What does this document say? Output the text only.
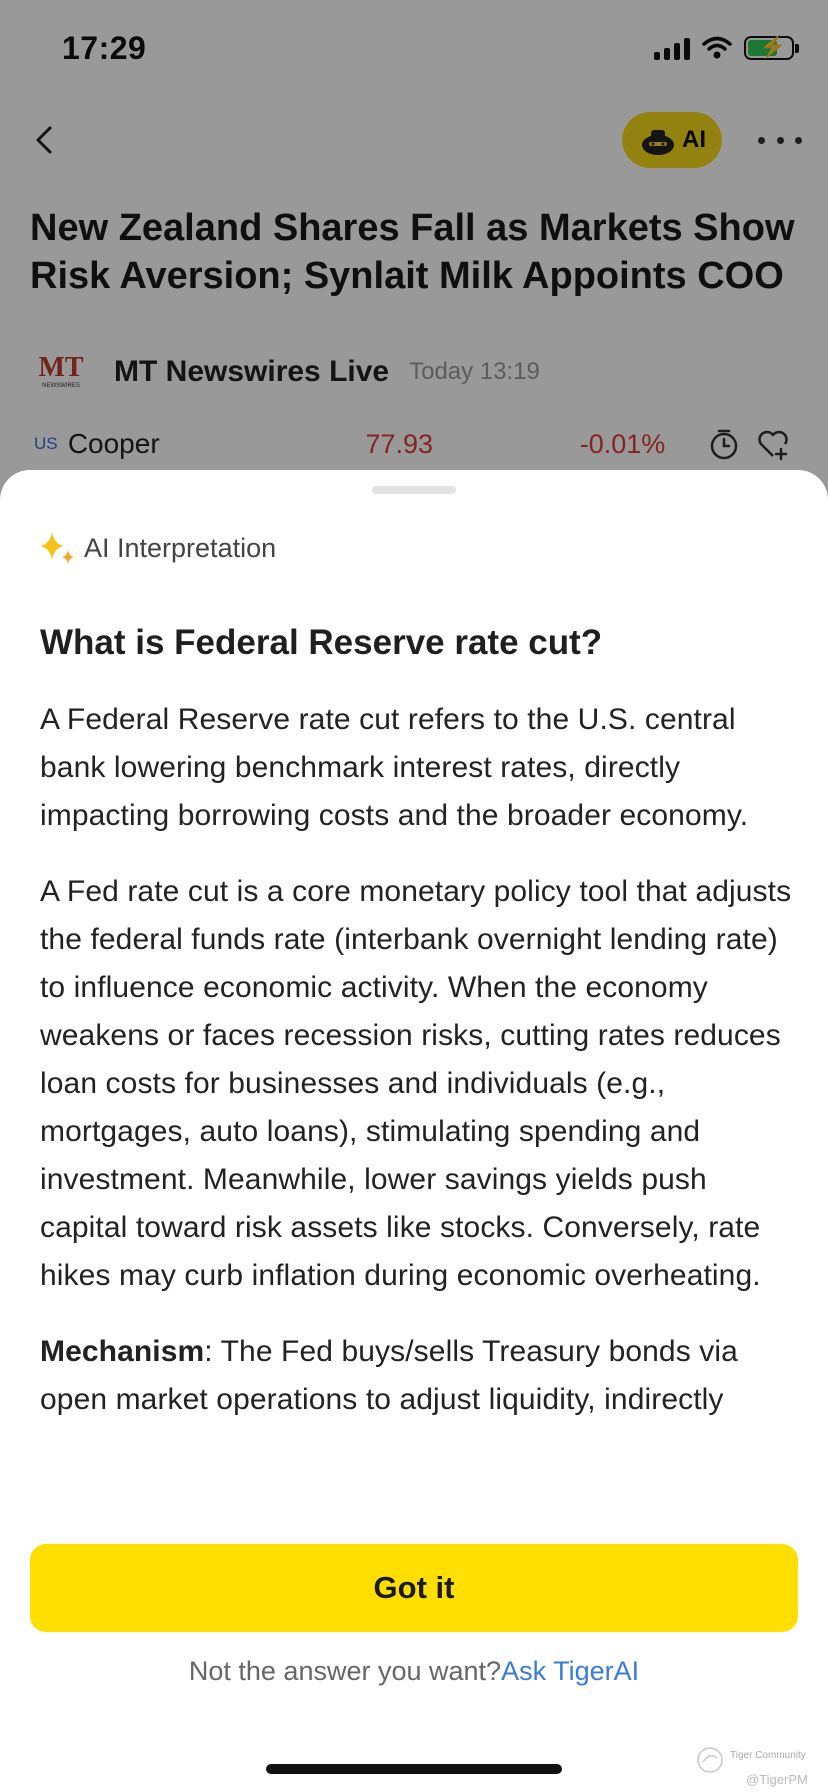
17:29	⚡
AI
New Zealand Shares Fall as Markets Show Risk Aversion; Synlait Milk Appoints COO
MT
NEWSWIRES MT Newswires Live Today 13:19
US Cooper	77.93	-0.01%
AI Interpretation
What is Federal Reserve rate cut?

A Federal Reserve rate cut refers to the U.S. central bank lowering benchmark interest rates, directly impacting borrowing costs and the broader economy.

A Fed rate cut is a core monetary policy tool that adjusts the federal funds rate (interbank overnight lending rate) to influence economic activity. When the economy weakens or faces recession risks, cutting rates reduces loan costs for businesses and individuals (e.g., mortgages, auto loans), stimulating spending and investment. Meanwhile, lower savings yields push capital toward risk assets like stocks. Conversely, rate hikes may curb inflation during economic overheating.

Mechanism: The Fed buys/sells Treasury bonds via open market operations to adjust liquidity, indirectly

Got it
Not the answer you want?Ask TigerAI
Tiger Community
@TigerPM
